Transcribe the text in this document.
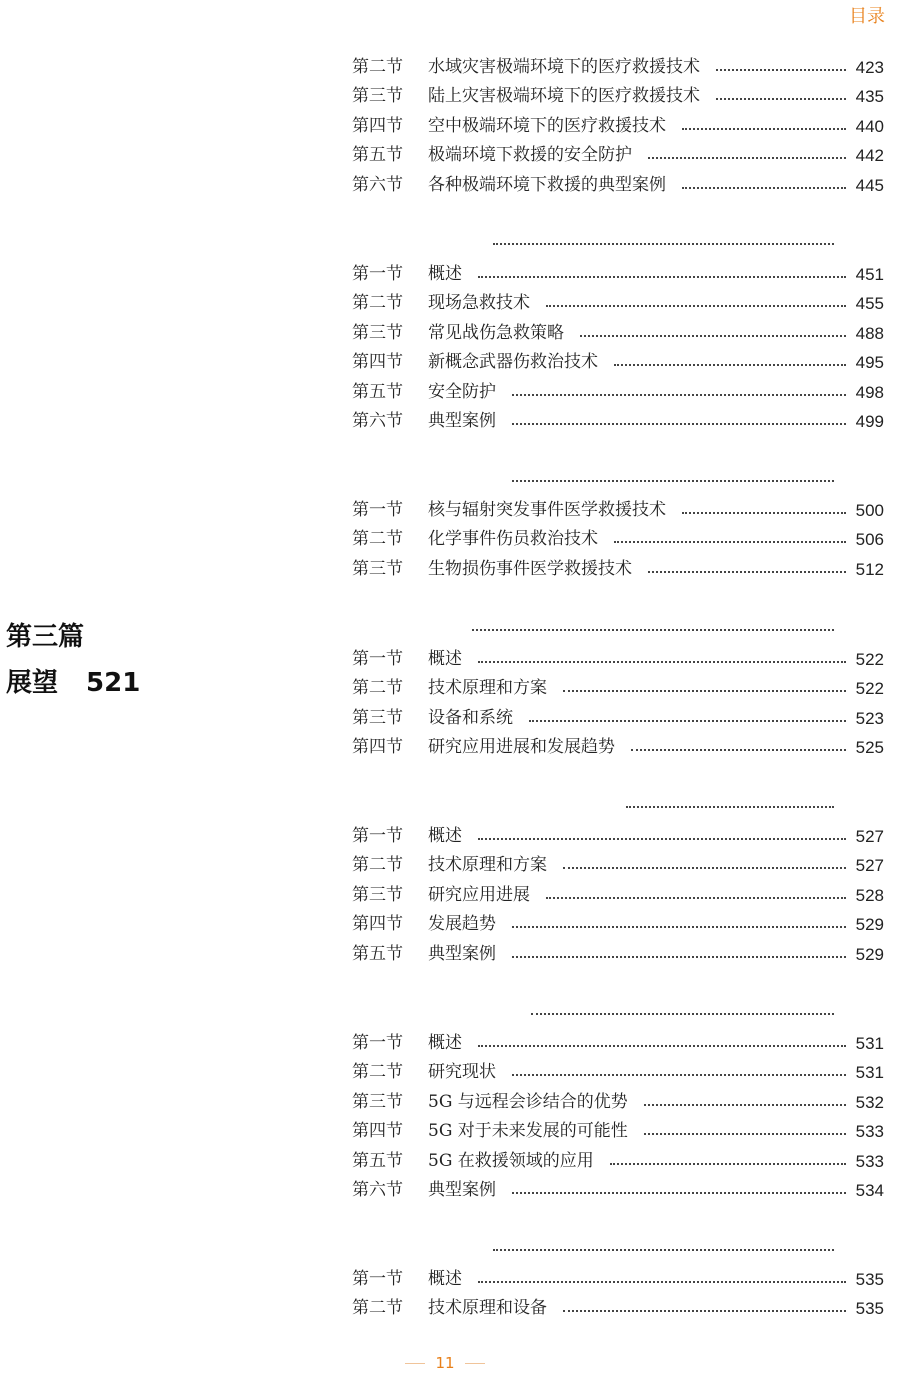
目录
第三篇
展望 521
第二节	水域灾害极端环境下的医疗救援技术	423
第三节	陆上灾害极端环境下的医疗救援技术	435
第四节	空中极端环境下的医疗救援技术	440
第五节	极端环境下救援的安全防护	442
第六节	各种极端环境下救援的典型案例	445
第一节	概述	451
第二节	现场急救技术	455
第三节	常见战伤急救策略	488
第四节	新概念武器伤救治技术	495
第五节	安全防护	498
第六节	典型案例	499
第一节	核与辐射突发事件医学救援技术	500
第二节	化学事件伤员救治技术	506
第三节	生物损伤事件医学救援技术	512
第一节	概述	522
第二节	技术原理和方案	522
第三节	设备和系统	523
第四节	研究应用进展和发展趋势	525
第一节	概述	527
第二节	技术原理和方案	527
第三节	研究应用进展	528
第四节	发展趋势	529
第五节	典型案例	529
第一节	概述	531
第二节	研究现状	531
第三节	5G 与远程会诊结合的优势	532
第四节	5G 对于未来发展的可能性	533
第五节	5G 在救援领域的应用	533
第六节	典型案例	534
第一节	概述	535
第二节	技术原理和设备	535
11
